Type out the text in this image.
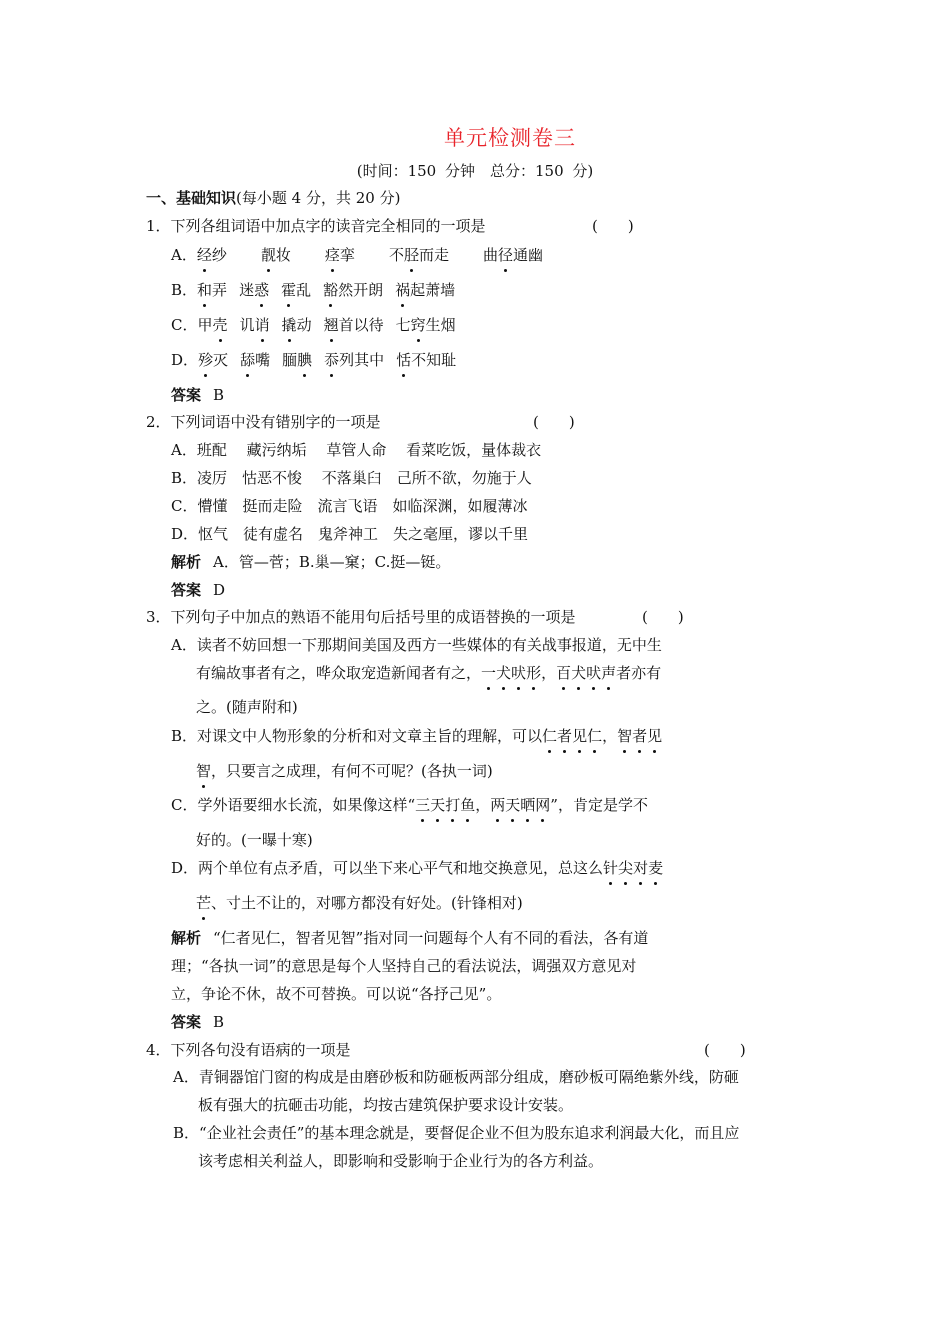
单元检测卷三
(时间：150 分钟　总分：150 分)
一、基础知识(每小题 4 分，共 20 分)
1．下列各组词语中加点字的读音完全相同的一项是	(　　)
A．经纱 靓妆 痉挛 不胫而走 曲径通幽
B．和弄 迷惑 霍乱 豁然开朗 祸起萧墙
C．甲壳 讥诮 撬动 翘首以待 七窍生烟
D．殄灭 舔嘴 腼腆 忝列其中 恬不知耻
答案 B
2．下列词语中没有错别字的一项是	(　　)
A．班配　 藏污纳垢　 草管人命　 看菜吃饭，量体裁衣
B．凌厉　怙恶不悛　 不落巢臼　己所不欲，勿施于人
C．懵懂　挺而走险　流言飞语　如临深渊，如履薄冰
D．怄气　徒有虚名　鬼斧神工　失之毫厘，谬以千里
解析 A．管—菅；B.巢—窠；C.挺—铤。
答案 D
3．下列句子中加点的熟语不能用句后括号里的成语替换的一项是	(　　)
A．读者不妨回想一下那期间美国及西方一些媒体的有关战事报道，无中生
有编故事者有之，哗众取宠造新闻者有之，一犬吠形，百犬吠声者亦有
之。(随声附和)
B．对课文中人物形象的分析和对文章主旨的理解，可以仁者见仁，智者见
智，只要言之成理，有何不可呢？(各执一词)
C．学外语要细水长流，如果像这样“三天打鱼，两天晒网”，肯定是学不
好的。(一曝十寒)
D．两个单位有点矛盾，可以坐下来心平气和地交换意见，总这么针尖对麦
芒、寸土不让的，对哪方都没有好处。(针锋相对)
解析 “仁者见仁，智者见智”指对同一问题每个人有不同的看法，各有道
理；“各执一词”的意思是每个人坚持自己的看法说法，调强双方意见对
立，争论不休，故不可替换。可以说“各抒己见”。
答案 B
4．下列各句没有语病的一项是	(　　)
A．青铜器馆门窗的构成是由磨砂板和防砸板两部分组成，磨砂板可隔绝紫外线，防砸
板有强大的抗砸击功能，均按古建筑保护要求设计安装。
B．“企业社会责任”的基本理念就是，要督促企业不但为股东追求利润最大化，而且应
该考虑相关利益人，即影响和受影响于企业行为的各方利益。
